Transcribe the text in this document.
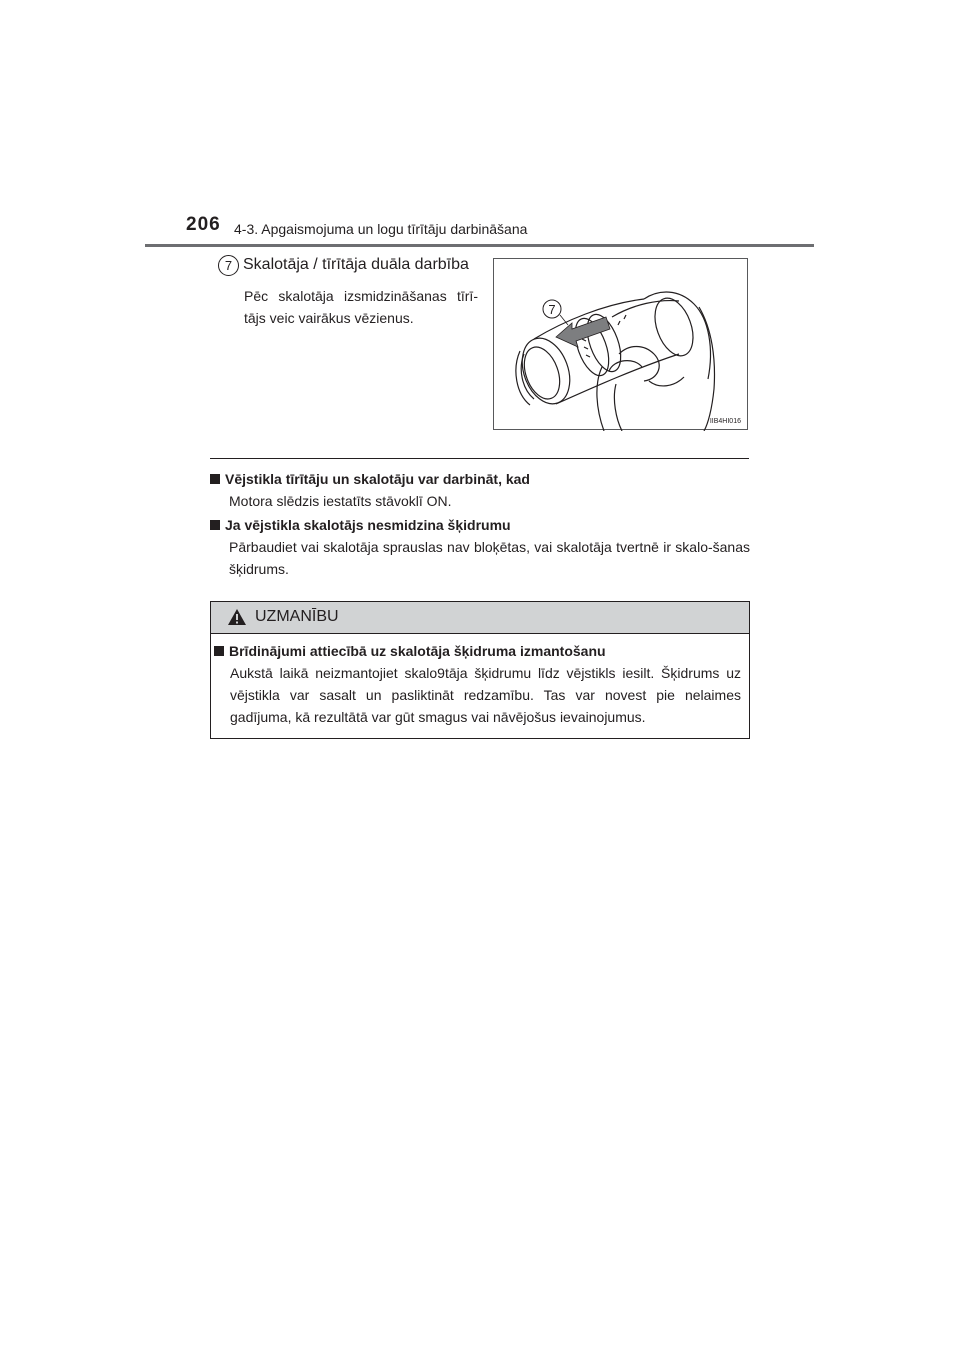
206 4-3. Apgaismojuma un logu tīrītāju darbināšana
7 Skalotāja / tīrītāja duāla darbība
Pēc skalotāja izsmidzināšanas tīrī-tājs veic vairākus vēzienus.
7
IIB4HI016
Vējstikla tīrītāju un skalotāju var darbināt, kad
Motora slēdzis iestatīts stāvoklī ON.
Ja vējstikla skalotājs nesmidzina šķidrumu
Pārbaudiet vai skalotāja sprauslas nav bloķētas, vai skalotāja tvertnē ir skalo-šanas šķidrums.
UZMANĪBU
Brīdinājumi attiecībā uz skalotāja šķidruma izmantošanu
Aukstā laikā neizmantojiet skalo9tāja šķidrumu līdz vējstikls iesilt. Šķidrums uz vējstikla var sasalt un pasliktināt redzamību. Tas var novest pie nelaimes gadījuma, kā rezultātā var gūt smagus vai nāvējošus ievainojumus.
